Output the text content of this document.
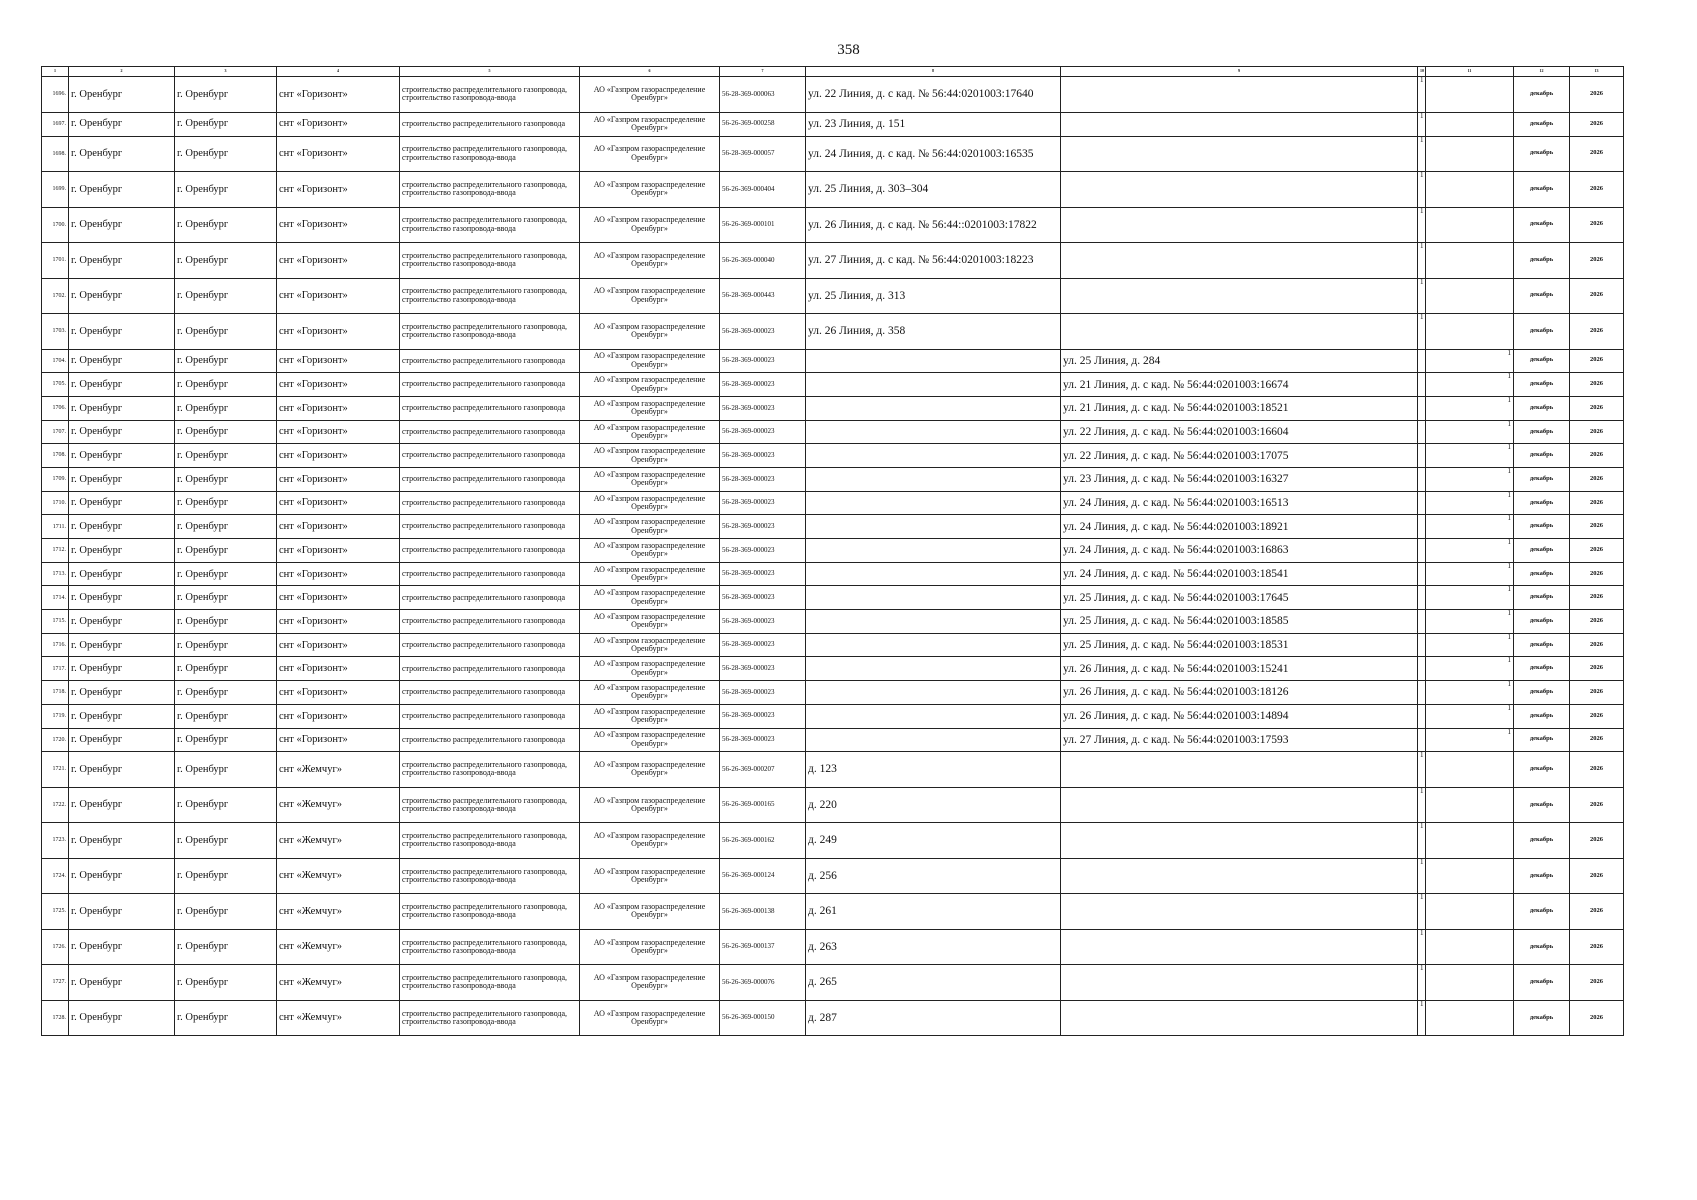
358
1	2	3	4	5	6	7	8	9	10	11	12	13
1696.	г. Оренбург	г. Оренбург	снт «Горизонт»	строительство распределительного газопровода, строительство газопровода-ввода	АО «Газпром газораспределение Оренбург»	56-28-369-000063	ул. 22 Линия, д. с кад. № 56:44:0201003:17640		1		декабрь	2026
1697.	г. Оренбург	г. Оренбург	снт «Горизонт»	строительство распределительного газопровода	АО «Газпром газораспределение Оренбург»	56-26-369-000258	ул. 23 Линия, д. 151		1		декабрь	2026
1698.	г. Оренбург	г. Оренбург	снт «Горизонт»	строительство распределительного газопровода, строительство газопровода-ввода	АО «Газпром газораспределение Оренбург»	56-28-369-000057	ул. 24 Линия, д. с кад. № 56:44:0201003:16535		1		декабрь	2026
1699.	г. Оренбург	г. Оренбург	снт «Горизонт»	строительство распределительного газопровода, строительство газопровода-ввода	АО «Газпром газораспределение Оренбург»	56-26-369-000404	ул. 25 Линия, д. 303–304		1		декабрь	2026
1700.	г. Оренбург	г. Оренбург	снт «Горизонт»	строительство распределительного газопровода, строительство газопровода-ввода	АО «Газпром газораспределение Оренбург»	56-26-369-000101	ул. 26 Линия, д. с кад. № 56:44::0201003:17822		1		декабрь	2026
1701.	г. Оренбург	г. Оренбург	снт «Горизонт»	строительство распределительного газопровода, строительство газопровода-ввода	АО «Газпром газораспределение Оренбург»	56-26-369-000040	ул. 27 Линия, д. с кад. № 56:44:0201003:18223		1		декабрь	2026
1702.	г. Оренбург	г. Оренбург	снт «Горизонт»	строительство распределительного газопровода, строительство газопровода-ввода	АО «Газпром газораспределение Оренбург»	56-28-369-000443	ул. 25 Линия, д. 313		1		декабрь	2026
1703.	г. Оренбург	г. Оренбург	снт «Горизонт»	строительство распределительного газопровода, строительство газопровода-ввода	АО «Газпром газораспределение Оренбург»	56-28-369-000023	ул. 26 Линия, д. 358		1		декабрь	2026
1704.	г. Оренбург	г. Оренбург	снт «Горизонт»	строительство распределительного газопровода	АО «Газпром газораспределение Оренбург»	56-28-369-000023		ул. 25 Линия, д. 284		1	декабрь	2026
1705.	г. Оренбург	г. Оренбург	снт «Горизонт»	строительство распределительного газопровода	АО «Газпром газораспределение Оренбург»	56-28-369-000023		ул. 21 Линия, д. с кад. № 56:44:0201003:16674		1	декабрь	2026
1706.	г. Оренбург	г. Оренбург	снт «Горизонт»	строительство распределительного газопровода	АО «Газпром газораспределение Оренбург»	56-28-369-000023		ул. 21 Линия, д. с кад. № 56:44:0201003:18521		1	декабрь	2026
1707.	г. Оренбург	г. Оренбург	снт «Горизонт»	строительство распределительного газопровода	АО «Газпром газораспределение Оренбург»	56-28-369-000023		ул. 22 Линия, д. с кад. № 56:44:0201003:16604		1	декабрь	2026
1708.	г. Оренбург	г. Оренбург	снт «Горизонт»	строительство распределительного газопровода	АО «Газпром газораспределение Оренбург»	56-28-369-000023		ул. 22 Линия, д. с кад. № 56:44:0201003:17075		1	декабрь	2026
1709.	г. Оренбург	г. Оренбург	снт «Горизонт»	строительство распределительного газопровода	АО «Газпром газораспределение Оренбург»	56-28-369-000023		ул. 23 Линия, д. с кад. № 56:44:0201003:16327		1	декабрь	2026
1710.	г. Оренбург	г. Оренбург	снт «Горизонт»	строительство распределительного газопровода	АО «Газпром газораспределение Оренбург»	56-28-369-000023		ул. 24 Линия, д. с кад. № 56:44:0201003:16513		1	декабрь	2026
1711.	г. Оренбург	г. Оренбург	снт «Горизонт»	строительство распределительного газопровода	АО «Газпром газораспределение Оренбург»	56-28-369-000023		ул. 24 Линия, д. с кад. № 56:44:0201003:18921		1	декабрь	2026
1712.	г. Оренбург	г. Оренбург	снт «Горизонт»	строительство распределительного газопровода	АО «Газпром газораспределение Оренбург»	56-28-369-000023		ул. 24 Линия, д. с кад. № 56:44:0201003:16863		1	декабрь	2026
1713.	г. Оренбург	г. Оренбург	снт «Горизонт»	строительство распределительного газопровода	АО «Газпром газораспределение Оренбург»	56-28-369-000023		ул. 24 Линия, д. с кад. № 56:44:0201003:18541		1	декабрь	2026
1714.	г. Оренбург	г. Оренбург	снт «Горизонт»	строительство распределительного газопровода	АО «Газпром газораспределение Оренбург»	56-28-369-000023		ул. 25 Линия, д. с кад. № 56:44:0201003:17645		1	декабрь	2026
1715.	г. Оренбург	г. Оренбург	снт «Горизонт»	строительство распределительного газопровода	АО «Газпром газораспределение Оренбург»	56-28-369-000023		ул. 25 Линия, д. с кад. № 56:44:0201003:18585		1	декабрь	2026
1716.	г. Оренбург	г. Оренбург	снт «Горизонт»	строительство распределительного газопровода	АО «Газпром газораспределение Оренбург»	56-28-369-000023		ул. 25 Линия, д. с кад. № 56:44:0201003:18531		1	декабрь	2026
1717.	г. Оренбург	г. Оренбург	снт «Горизонт»	строительство распределительного газопровода	АО «Газпром газораспределение Оренбург»	56-28-369-000023		ул. 26 Линия, д. с кад. № 56:44:0201003:15241		1	декабрь	2026
1718.	г. Оренбург	г. Оренбург	снт «Горизонт»	строительство распределительного газопровода	АО «Газпром газораспределение Оренбург»	56-28-369-000023		ул. 26 Линия, д. с кад. № 56:44:0201003:18126		1	декабрь	2026
1719.	г. Оренбург	г. Оренбург	снт «Горизонт»	строительство распределительного газопровода	АО «Газпром газораспределение Оренбург»	56-28-369-000023		ул. 26 Линия, д. с кад. № 56:44:0201003:14894		1	декабрь	2026
1720.	г. Оренбург	г. Оренбург	снт «Горизонт»	строительство распределительного газопровода	АО «Газпром газораспределение Оренбург»	56-28-369-000023		ул. 27 Линия, д. с кад. № 56:44:0201003:17593		1	декабрь	2026
1721.	г. Оренбург	г. Оренбург	снт «Жемчуг»	строительство распределительного газопровода, строительство газопровода-ввода	АО «Газпром газораспределение Оренбург»	56-26-369-000207	д. 123		1		декабрь	2026
1722.	г. Оренбург	г. Оренбург	снт «Жемчуг»	строительство распределительного газопровода, строительство газопровода-ввода	АО «Газпром газораспределение Оренбург»	56-26-369-000165	д. 220		1		декабрь	2026
1723.	г. Оренбург	г. Оренбург	снт «Жемчуг»	строительство распределительного газопровода, строительство газопровода-ввода	АО «Газпром газораспределение Оренбург»	56-26-369-000162	д. 249		1		декабрь	2026
1724.	г. Оренбург	г. Оренбург	снт «Жемчуг»	строительство распределительного газопровода, строительство газопровода-ввода	АО «Газпром газораспределение Оренбург»	56-26-369-000124	д. 256		1		декабрь	2026
1725.	г. Оренбург	г. Оренбург	снт «Жемчуг»	строительство распределительного газопровода, строительство газопровода-ввода	АО «Газпром газораспределение Оренбург»	56-26-369-000138	д. 261		1		декабрь	2026
1726.	г. Оренбург	г. Оренбург	снт «Жемчуг»	строительство распределительного газопровода, строительство газопровода-ввода	АО «Газпром газораспределение Оренбург»	56-26-369-000137	д. 263		1		декабрь	2026
1727.	г. Оренбург	г. Оренбург	снт «Жемчуг»	строительство распределительного газопровода, строительство газопровода-ввода	АО «Газпром газораспределение Оренбург»	56-26-369-000076	д. 265		1		декабрь	2026
1728.	г. Оренбург	г. Оренбург	снт «Жемчуг»	строительство распределительного газопровода, строительство газопровода-ввода	АО «Газпром газораспределение Оренбург»	56-26-369-000150	д. 287		1		декабрь	2026
